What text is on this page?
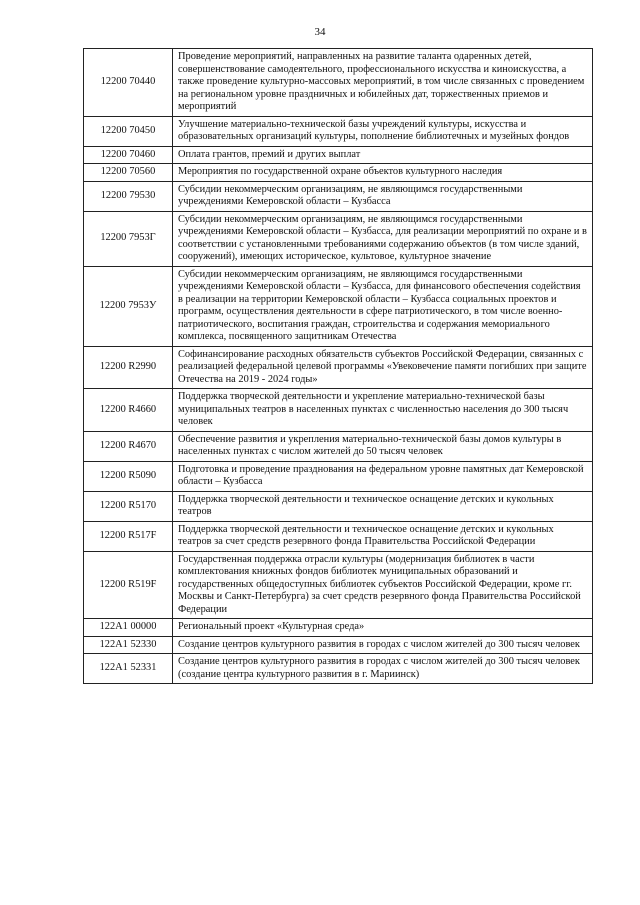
34
12200 70440	Проведение мероприятий, направленных на развитие таланта одаренных детей, совершенствование самодеятельного, профессионального искусства и киноискусства, а также проведение культурно-массовых мероприятий, в том числе связанных с проведением на региональном уровне праздничных и юбилейных дат, торжественных приемов и мероприятий
12200 70450	Улучшение материально-технической базы учреждений культуры, искусства и образовательных организаций культуры, пополнение библиотечных и музейных фондов
12200 70460	Оплата грантов, премий и других выплат
12200 70560	Мероприятия по государственной охране объектов культурного наследия
12200 79530	Субсидии некоммерческим организациям, не являющимся государственными учреждениями Кемеровской области – Кузбасса
12200 7953Г	Субсидии некоммерческим организациям, не являющимся государственными учреждениями Кемеровской области – Кузбасса, для реализации мероприятий по охране и в соответствии с установленными требованиями содержанию объектов (в том числе зданий, сооружений), имеющих историческое, культовое, культурное значение
12200 7953У	Субсидии некоммерческим организациям, не являющимся государственными учреждениями Кемеровской области – Кузбасса, для финансового обеспечения содействия в реализации на территории Кемеровской области – Кузбасса социальных проектов и программ, осуществления деятельности в сфере патриотического, в том числе военно-патриотического, воспитания граждан, строительства и содержания мемориального комплекса, посвященного защитникам Отечества
12200 R2990	Софинансирование расходных обязательств субъектов Российской Федерации, связанных с реализацией федеральной целевой программы «Увековечение памяти погибших при защите Отечества на 2019 - 2024 годы»
12200 R4660	Поддержка творческой деятельности и укрепление материально-технической базы муниципальных театров в населенных пунктах с численностью населения до 300 тысяч человек
12200 R4670	Обеспечение развития и укрепления материально-технической базы домов культуры в населенных пунктах с числом жителей до 50 тысяч человек
12200 R5090	Подготовка и проведение празднования на федеральном уровне памятных дат Кемеровской области – Кузбасса
12200 R5170	Поддержка творческой деятельности и техническое оснащение детских и кукольных театров
12200 R517F	Поддержка творческой деятельности и техническое оснащение детских и кукольных театров за счет средств резервного фонда Правительства Российской Федерации
12200 R519F	Государственная поддержка отрасли культуры (модернизация библиотек в части комплектования книжных фондов библиотек муниципальных образований и государственных общедоступных библиотек субъектов Российской Федерации, кроме гг. Москвы и Санкт-Петербурга) за счет средств резервного фонда Правительства Российской Федерации
122А1 00000	Региональный проект «Культурная среда»
122А1 52330	Создание центров культурного развития в городах с числом жителей до 300 тысяч человек
122А1 52331	Создание центров культурного развития в городах с числом жителей до 300 тысяч человек (создание центра культурного развития в г. Мариинск)
